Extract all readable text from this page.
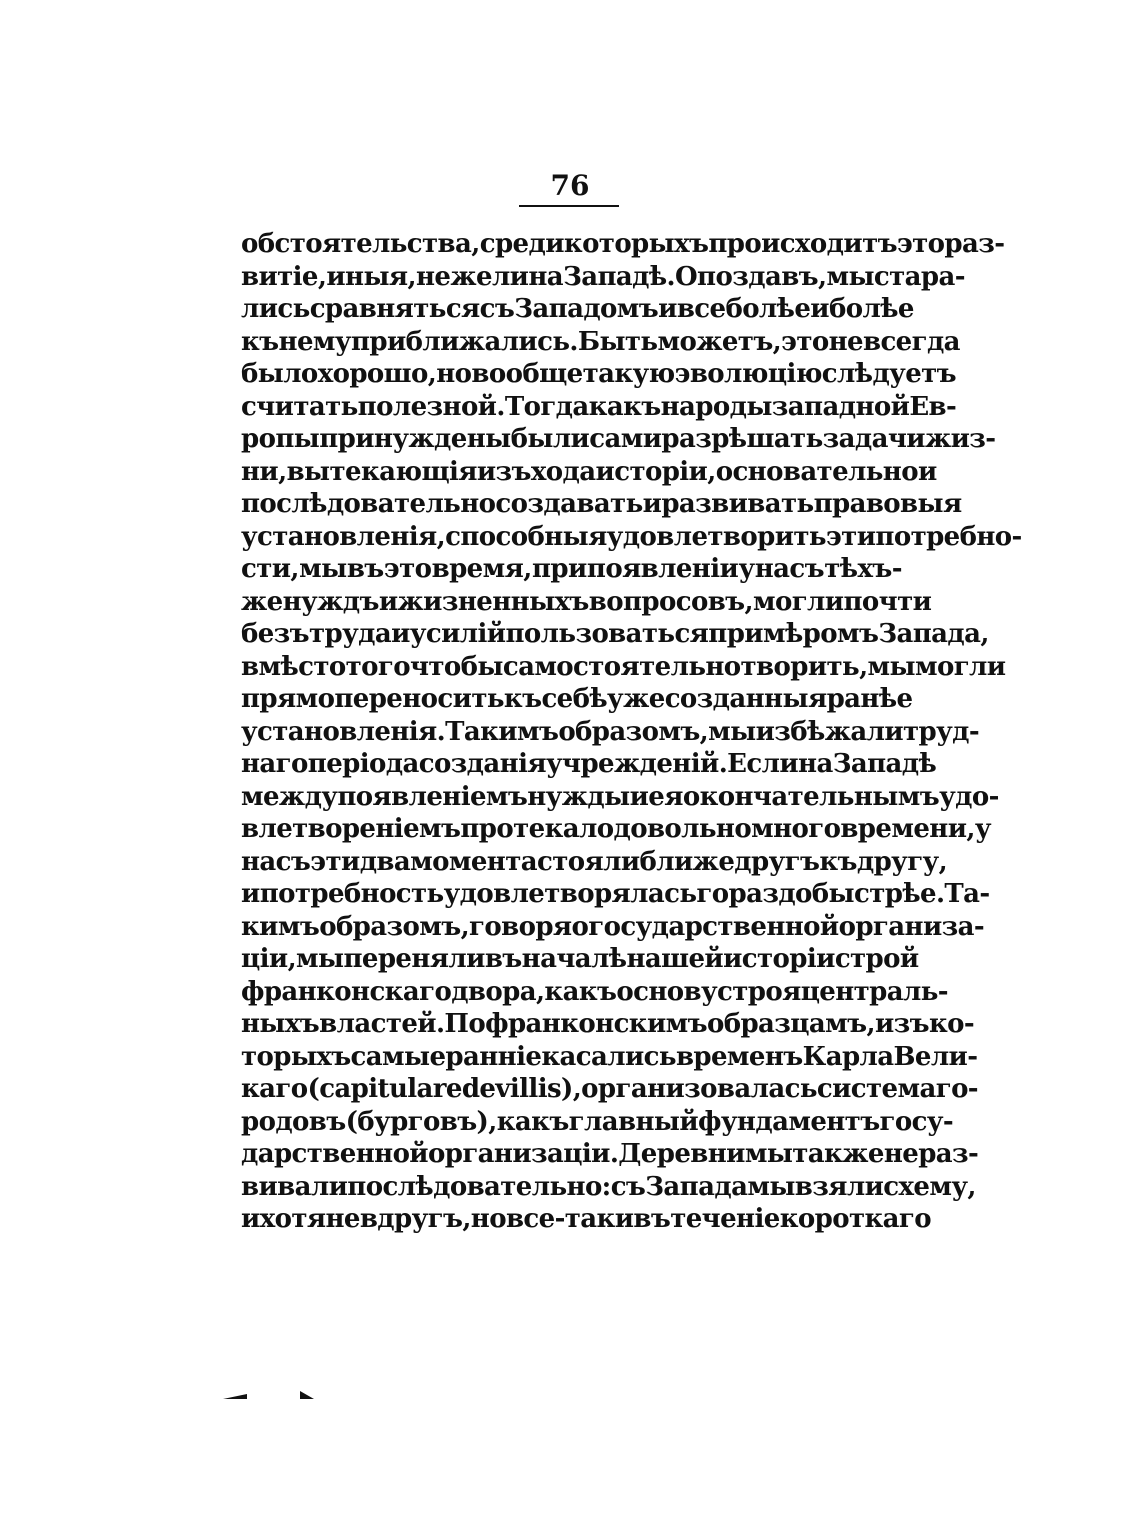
76
обстоятельства, среди которыхъ происходитъ это раз-
витіе, иныя, нежели на Западѣ. Опоздавъ, мы стара-
лись сравняться съ Западомъ и все болѣе и болѣе
къ нему приближались. Быть можетъ, это не всегда
было хорошо, но вообще такую эволюцію слѣдуетъ
считать полезной. Тогда какъ народы западной Ев-
ропы принуждены были сами разрѣшать задачи жиз-
ни, вытекающія изъ хода исторіи, основательно и
послѣдовательно создавать и развивать правовыя
установленія, способныя удовлетворить эти потребно-
сти, мы въ это время, при появленіи у насъ тѣхъ-
же нуждъ и жизненныхъ вопросовъ, могли почти
безъ труда и усилій пользоваться примѣромъ Запада,
вмѣсто того чтобы самостоятельно творить, мы могли
прямо переносить къ себѣ уже созданныя ранѣе
установленія. Такимъ образомъ, мы избѣжали труд-
наго періода созданія учрежденій. Если на Западѣ
между появленіемъ нужды и ея окончательнымъ удо-
влетвореніемъ протекало довольно много времени, у
насъ эти два момента стояли ближе другъ къ другу,
и потребность удовлетворялась гораздо быстрѣе. Та-
кимъ образомъ, говоря о государственной организа-
ціи, мы переняли въ началѣ нашей исторіи строй
франконскаго двора, какъ основу строя централь-
ныхъ властей. По франконскимъ образцамъ, изъ ко-
торыхъ самые ранніе касались временъ Карла Вели-
каго (capitulare de villis), организовалась система го-
родовъ (бурговъ), какъ главный фундаментъ госу-
дарственной организаціи. Деревни мы также не раз-
вивали послѣдовательно: съ Запада мы взяли схему,
и хотя не вдругъ, но все-таки въ теченіе короткаго
